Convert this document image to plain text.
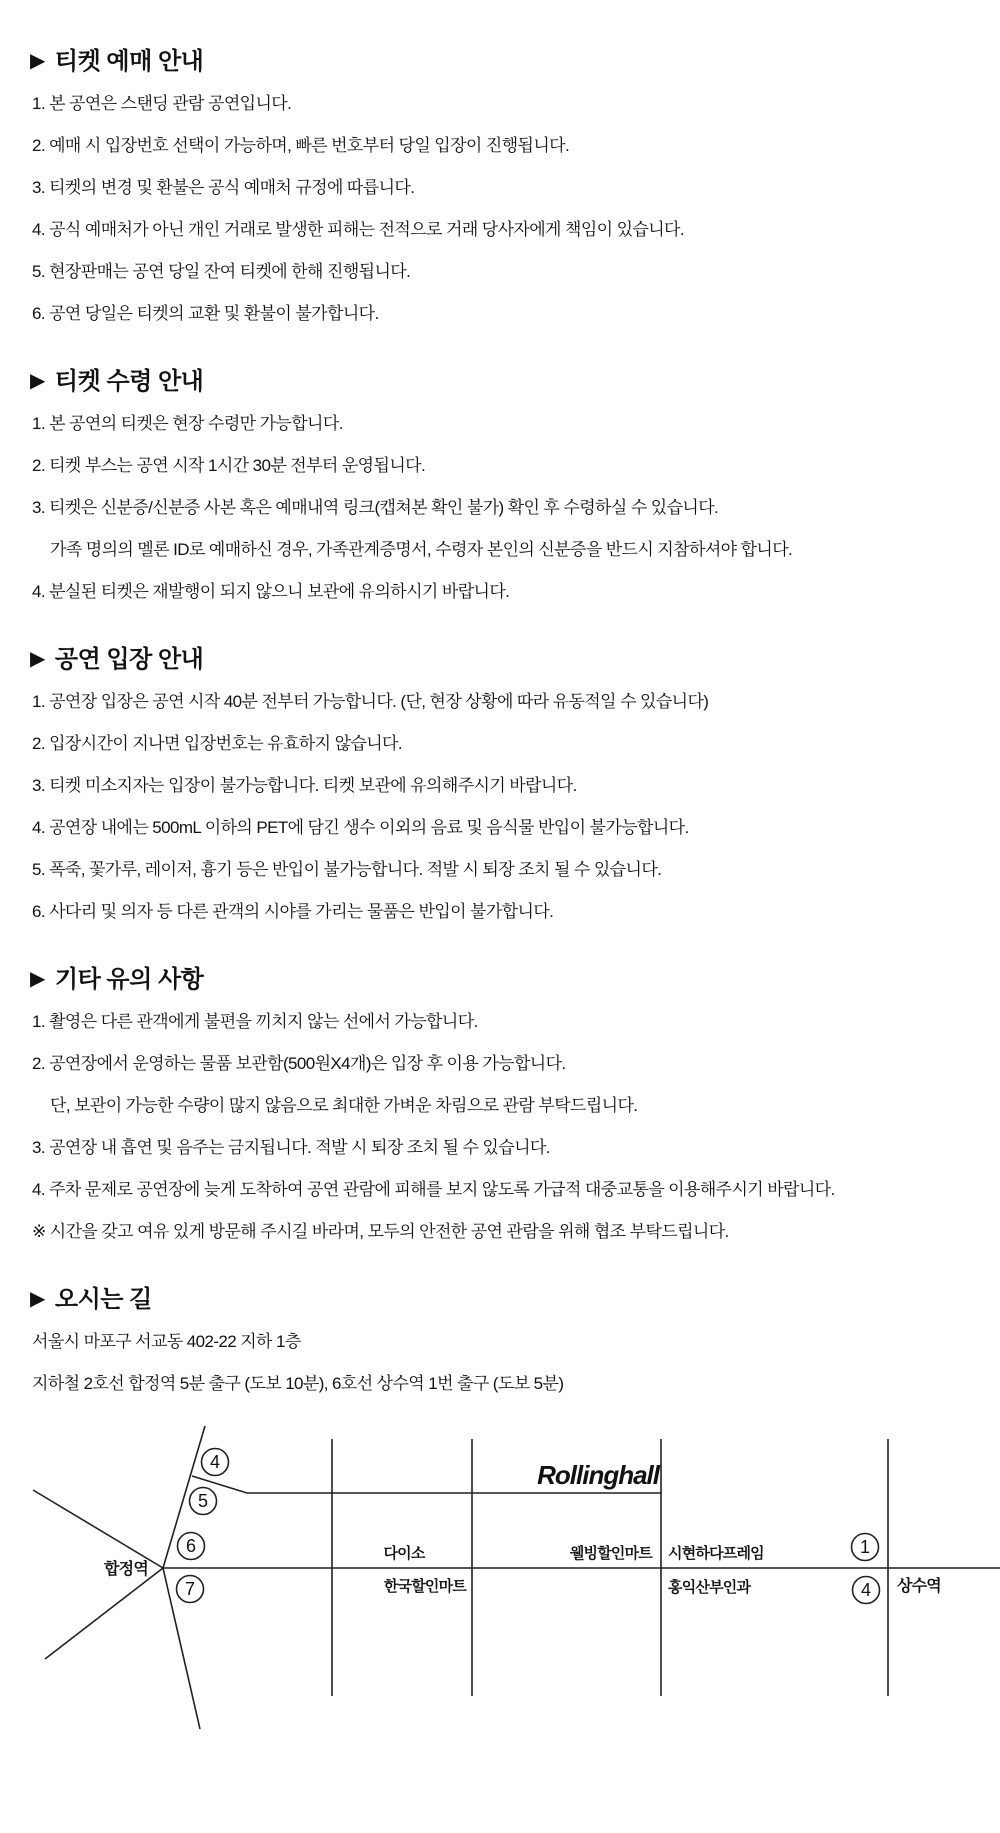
▶ 티켓 예매 안내
1. 본 공연은 스탠딩 관람 공연입니다.
2. 예매 시 입장번호 선택이 가능하며, 빠른 번호부터 당일 입장이 진행됩니다.
3. 티켓의 변경 및 환불은 공식 예매처 규정에 따릅니다.
4. 공식 예매처가 아닌 개인 거래로 발생한 피해는 전적으로 거래 당사자에게 책임이 있습니다.
5. 현장판매는 공연 당일 잔여 티켓에 한해 진행됩니다.
6. 공연 당일은 티켓의 교환 및 환불이 불가합니다.
▶ 티켓 수령 안내
1. 본 공연의 티켓은 현장 수령만 가능합니다.
2. 티켓 부스는 공연 시작 1시간 30분 전부터 운영됩니다.
3. 티켓은 신분증/신분증 사본 혹은 예매내역 링크(캡쳐본 확인 불가) 확인 후 수령하실 수 있습니다.
가족 명의의 멜론 ID로 예매하신 경우, 가족관계증명서, 수령자 본인의 신분증을 반드시 지참하셔야 합니다.
4. 분실된 티켓은 재발행이 되지 않으니 보관에 유의하시기 바랍니다.
▶ 공연 입장 안내
1. 공연장 입장은 공연 시작 40분 전부터 가능합니다. (단, 현장 상황에 따라 유동적일 수 있습니다)
2. 입장시간이 지나면 입장번호는 유효하지 않습니다.
3. 티켓 미소지자는 입장이 불가능합니다. 티켓 보관에 유의해주시기 바랍니다.
4. 공연장 내에는 500mL 이하의 PET에 담긴 생수 이외의 음료 및 음식물 반입이 불가능합니다.
5. 폭죽, 꽃가루, 레이저, 흉기 등은 반입이 불가능합니다. 적발 시 퇴장 조치 될 수 있습니다.
6. 사다리 및 의자 등 다른 관객의 시야를 가리는 물품은 반입이 불가합니다.
▶ 기타 유의 사항
1. 촬영은 다른 관객에게 불편을 끼치지 않는 선에서 가능합니다.
2. 공연장에서 운영하는 물품 보관함(500원X4개)은 입장 후 이용 가능합니다.
단, 보관이 가능한 수량이 많지 않음으로 최대한 가벼운 차림으로 관람 부탁드립니다.
3. 공연장 내 흡연 및 음주는 금지됩니다. 적발 시 퇴장 조치 될 수 있습니다.
4. 주차 문제로 공연장에 늦게 도착하여 공연 관람에 피해를 보지 않도록 가급적 대중교통을 이용해주시기 바랍니다.
※ 시간을 갖고 여유 있게 방문해 주시길 바라며, 모두의 안전한 공연 관람을 위해 협조 부탁드립니다.
▶ 오시는 길
서울시 마포구 서교동 402-22 지하 1층
지하철 2호선 합정역 5분 출구 (도보 10분), 6호선 상수역 1번 출구 (도보 5분)
Rollinghall
합정역
상수역
다이소
한국할인마트
웰빙할인마트 시현하다프레임
홍익산부인과
4
5
6
7
1
4
